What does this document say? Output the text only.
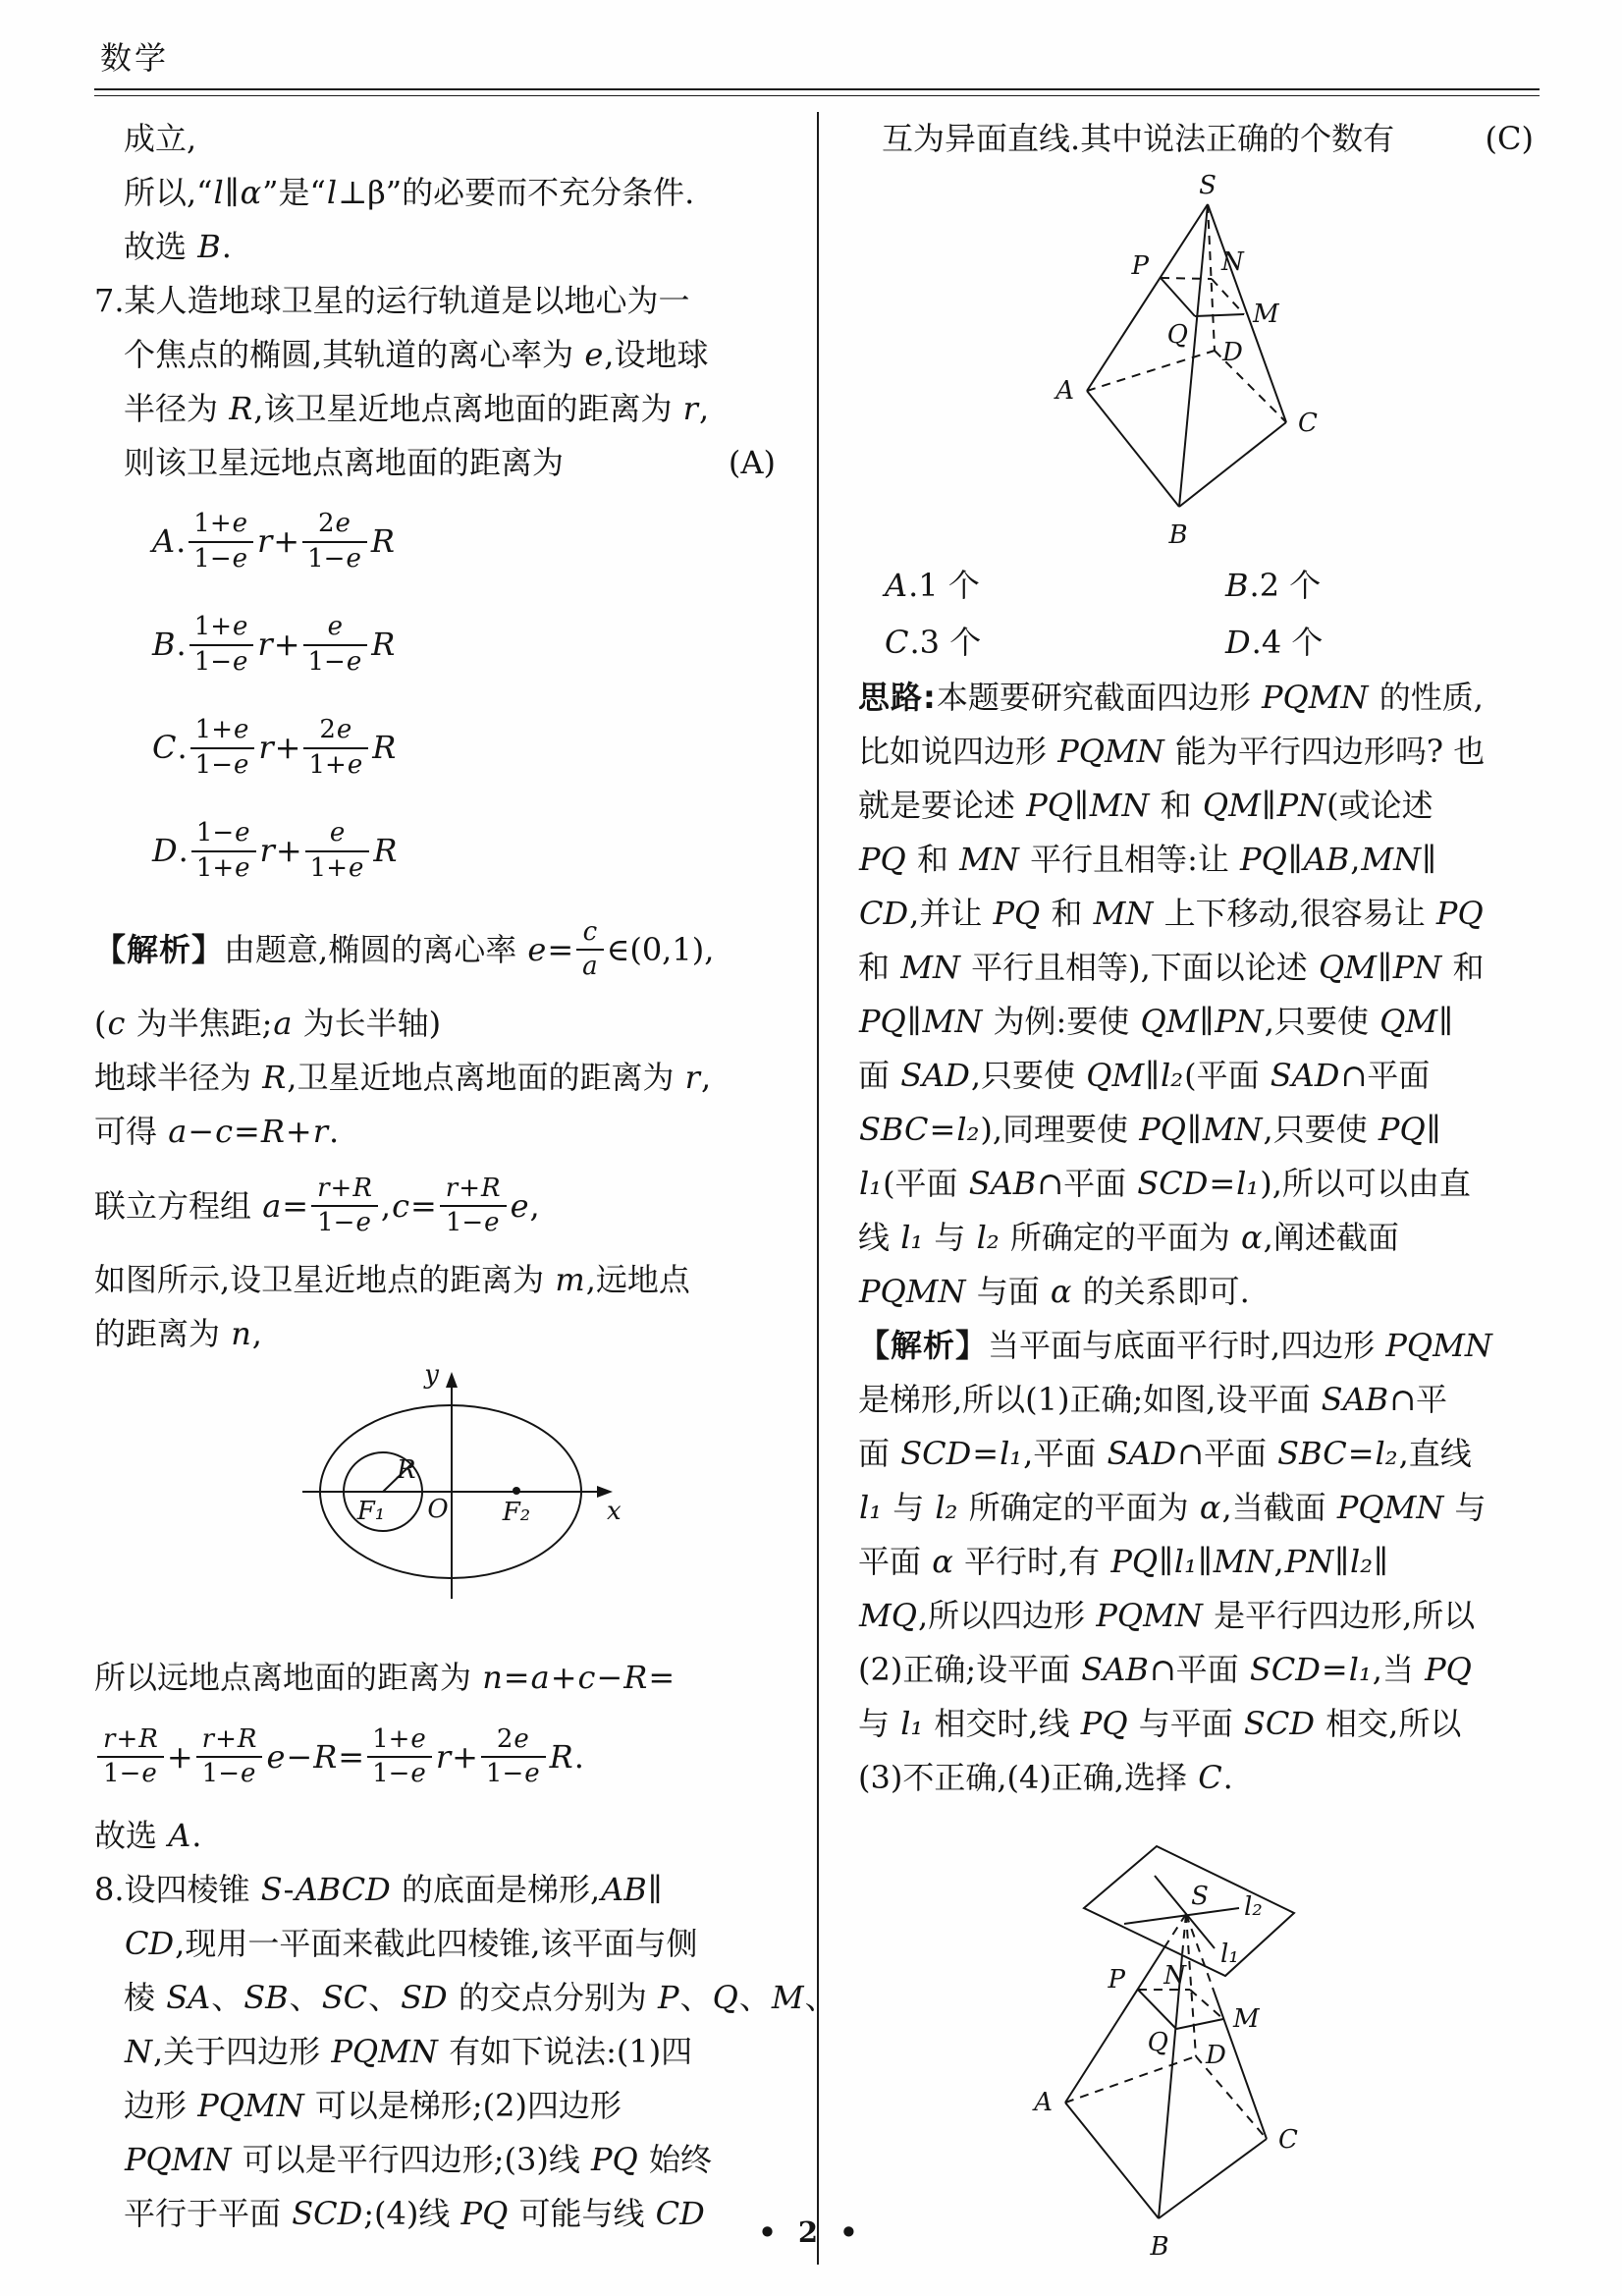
数学
成立,
所以,“l∥α”是“l⊥β”的必要而不充分条件.
故选 B.
7.某人造地球卫星的运行轨道是以地心为一
个焦点的椭圆,其轨道的离心率为 e,设地球
半径为 R,该卫星近地点离地面的距离为 r,
则该卫星远地点离地面的距离为	(A)
A. $\frac{1+e}{1-e}$ $r + \frac{2e}{1-e}$ R
B. $\frac{1+e}{1-e}$ $r + \frac{e}{1-e}$ R
C. $\frac{1+e}{1-e}$ $r + \frac{2e}{1+e}$ R
D. $\frac{1-e}{1+e}$ $r + \frac{e}{1+e}$ R
【解析】 由题意,椭圆的离心率 $e = \frac{c}{a}$ ∈(0,1),
(c 为半焦距;a 为长半轴)
地球半径为 R,卫星近地点离地面的距离为 r,
可得 a−c=R+r.
联立方程组 $a = \frac{r+R}{1-e}$ , $c = \frac{r+R}{1-e}$ e ,
如图所示,设卫星近地点的距离为 m,远地点
的距离为 n,
y
x
R
F₁ O F₂
所以远地点离地面的距离为 n=a+c−R=
$\frac{r+R}{1-e} + \frac{r+R}{1-e}$ $e - R = \frac{1+e}{1-e}$ $r + \frac{2e}{1-e}$ R .
故选 A.
8.设四棱锥 S-ABCD 的底面是梯形,AB∥
CD,现用一平面来截此四棱锥,该平面与侧
棱 SA、SB、SC、SD 的交点分别为 P、Q、M、
N,关于四边形 PQMN 有如下说法:(1)四
边形 PQMN 可以是梯形;(2)四边形
PQMN 可以是平行四边形;(3)线 PQ 始终
平行于平面 SCD;(4)线 PQ 可能与线 CD
互为异面直线.其中说法正确的个数有	(C)
S
P	N
Q
M
D
A
C
B
A.1 个	B.2 个
C.3 个	D.4 个
思路:本题要研究截面四边形 PQMN 的性质,
比如说四边形 PQMN 能为平行四边形吗? 也
就是要论述 PQ∥MN 和 QM∥PN(或论述
PQ 和 MN 平行且相等:让 PQ∥AB,MN∥
CD,并让 PQ 和 MN 上下移动,很容易让 PQ
和 MN 平行且相等),下面以论述 QM∥PN 和
PQ∥MN 为例:要使 QM∥PN,只要使 QM∥
面 SAD,只要使 QM∥l₂(平面 SAD∩平面
SBC=l₂),同理要使 PQ∥MN,只要使 PQ∥
l₁(平面 SAB∩平面 SCD=l₁),所以可以由直
线 l₁ 与 l₂ 所确定的平面为 α,阐述截面
PQMN 与面 α 的关系即可.
【解析】当平面与底面平行时,四边形 PQMN
是梯形,所以(1)正确;如图,设平面 SAB∩平
面 SCD=l₁,平面 SAD∩平面 SBC=l₂,直线
l₁ 与 l₂ 所确定的平面为 α,当截面 PQMN 与
平面 α 平行时,有 PQ∥l₁∥MN,PN∥l₂∥
MQ,所以四边形 PQMN 是平行四边形,所以
(2)正确;设平面 SAB∩平面 SCD=l₁,当 PQ
与 l₁ 相交时,线 PQ 与平面 SCD 相交,所以
(3)不正确,(4)正确,选择 C.
S l₂
l₁
P N
Q
M
D
A
C
B
• 2 •
